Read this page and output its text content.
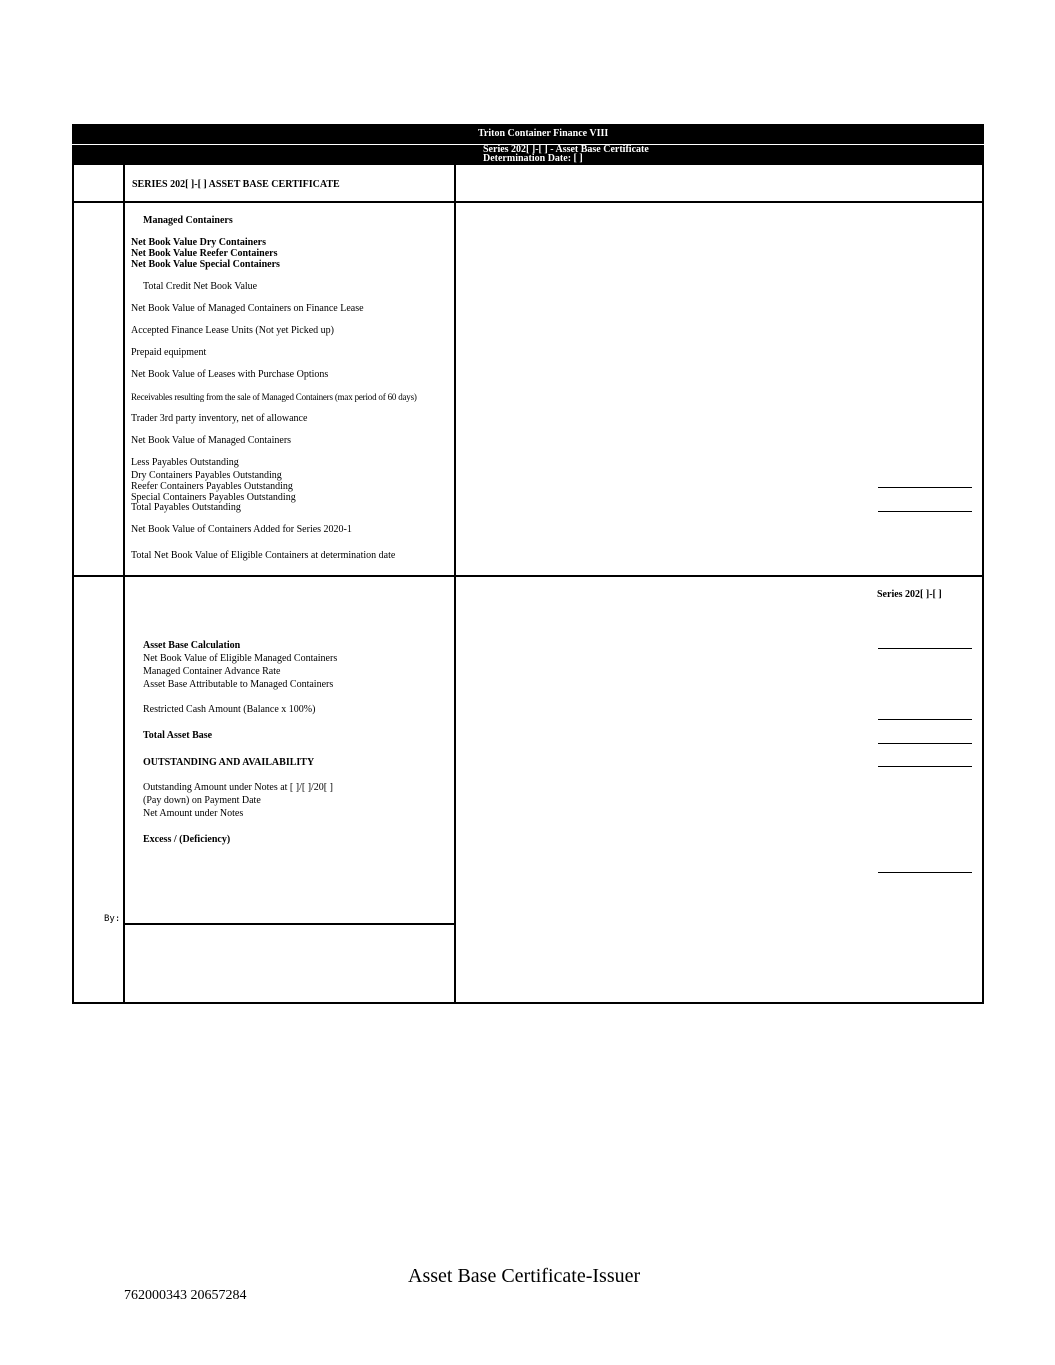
Triton Container Finance VIII
Series 202[ ]-[ ] - Asset Base Certificate
Determination Date: [ ]
SERIES 202[ ]-[ ] ASSET BASE CERTIFICATE
Managed Containers
Net Book Value Dry Containers
Net Book Value Reefer Containers
Net Book Value Special Containers
Total Credit Net Book Value
Net Book Value of Managed Containers on Finance Lease
Accepted Finance Lease Units (Not yet Picked up)
Prepaid equipment
Net Book Value of Leases with Purchase Options
Receivables resulting from the sale of Managed Containers (max period of 60 days)
Trader 3rd party inventory, net of allowance
Net Book Value of Managed Containers
Less Payables Outstanding
Dry Containers Payables Outstanding
Reefer Containers Payables Outstanding
Special Containers Payables Outstanding
Total Payables Outstanding
Net Book Value of Containers Added for Series 2020-1
Total Net Book Value of Eligible Containers at determination date
Series 202[ ]-[ ]
Asset Base Calculation
Net Book Value of Eligible Managed Containers
Managed Container Advance Rate
Asset Base Attributable to Managed Containers
Restricted Cash Amount (Balance x 100%)
Total Asset Base
OUTSTANDING AND AVAILABILITY
Outstanding Amount under Notes at [ ]/[ ]/20[ ]
(Pay down) on Payment Date
Net Amount under Notes
Excess / (Deficiency)
By:
Asset Base Certificate-Issuer
762000343 20657284
